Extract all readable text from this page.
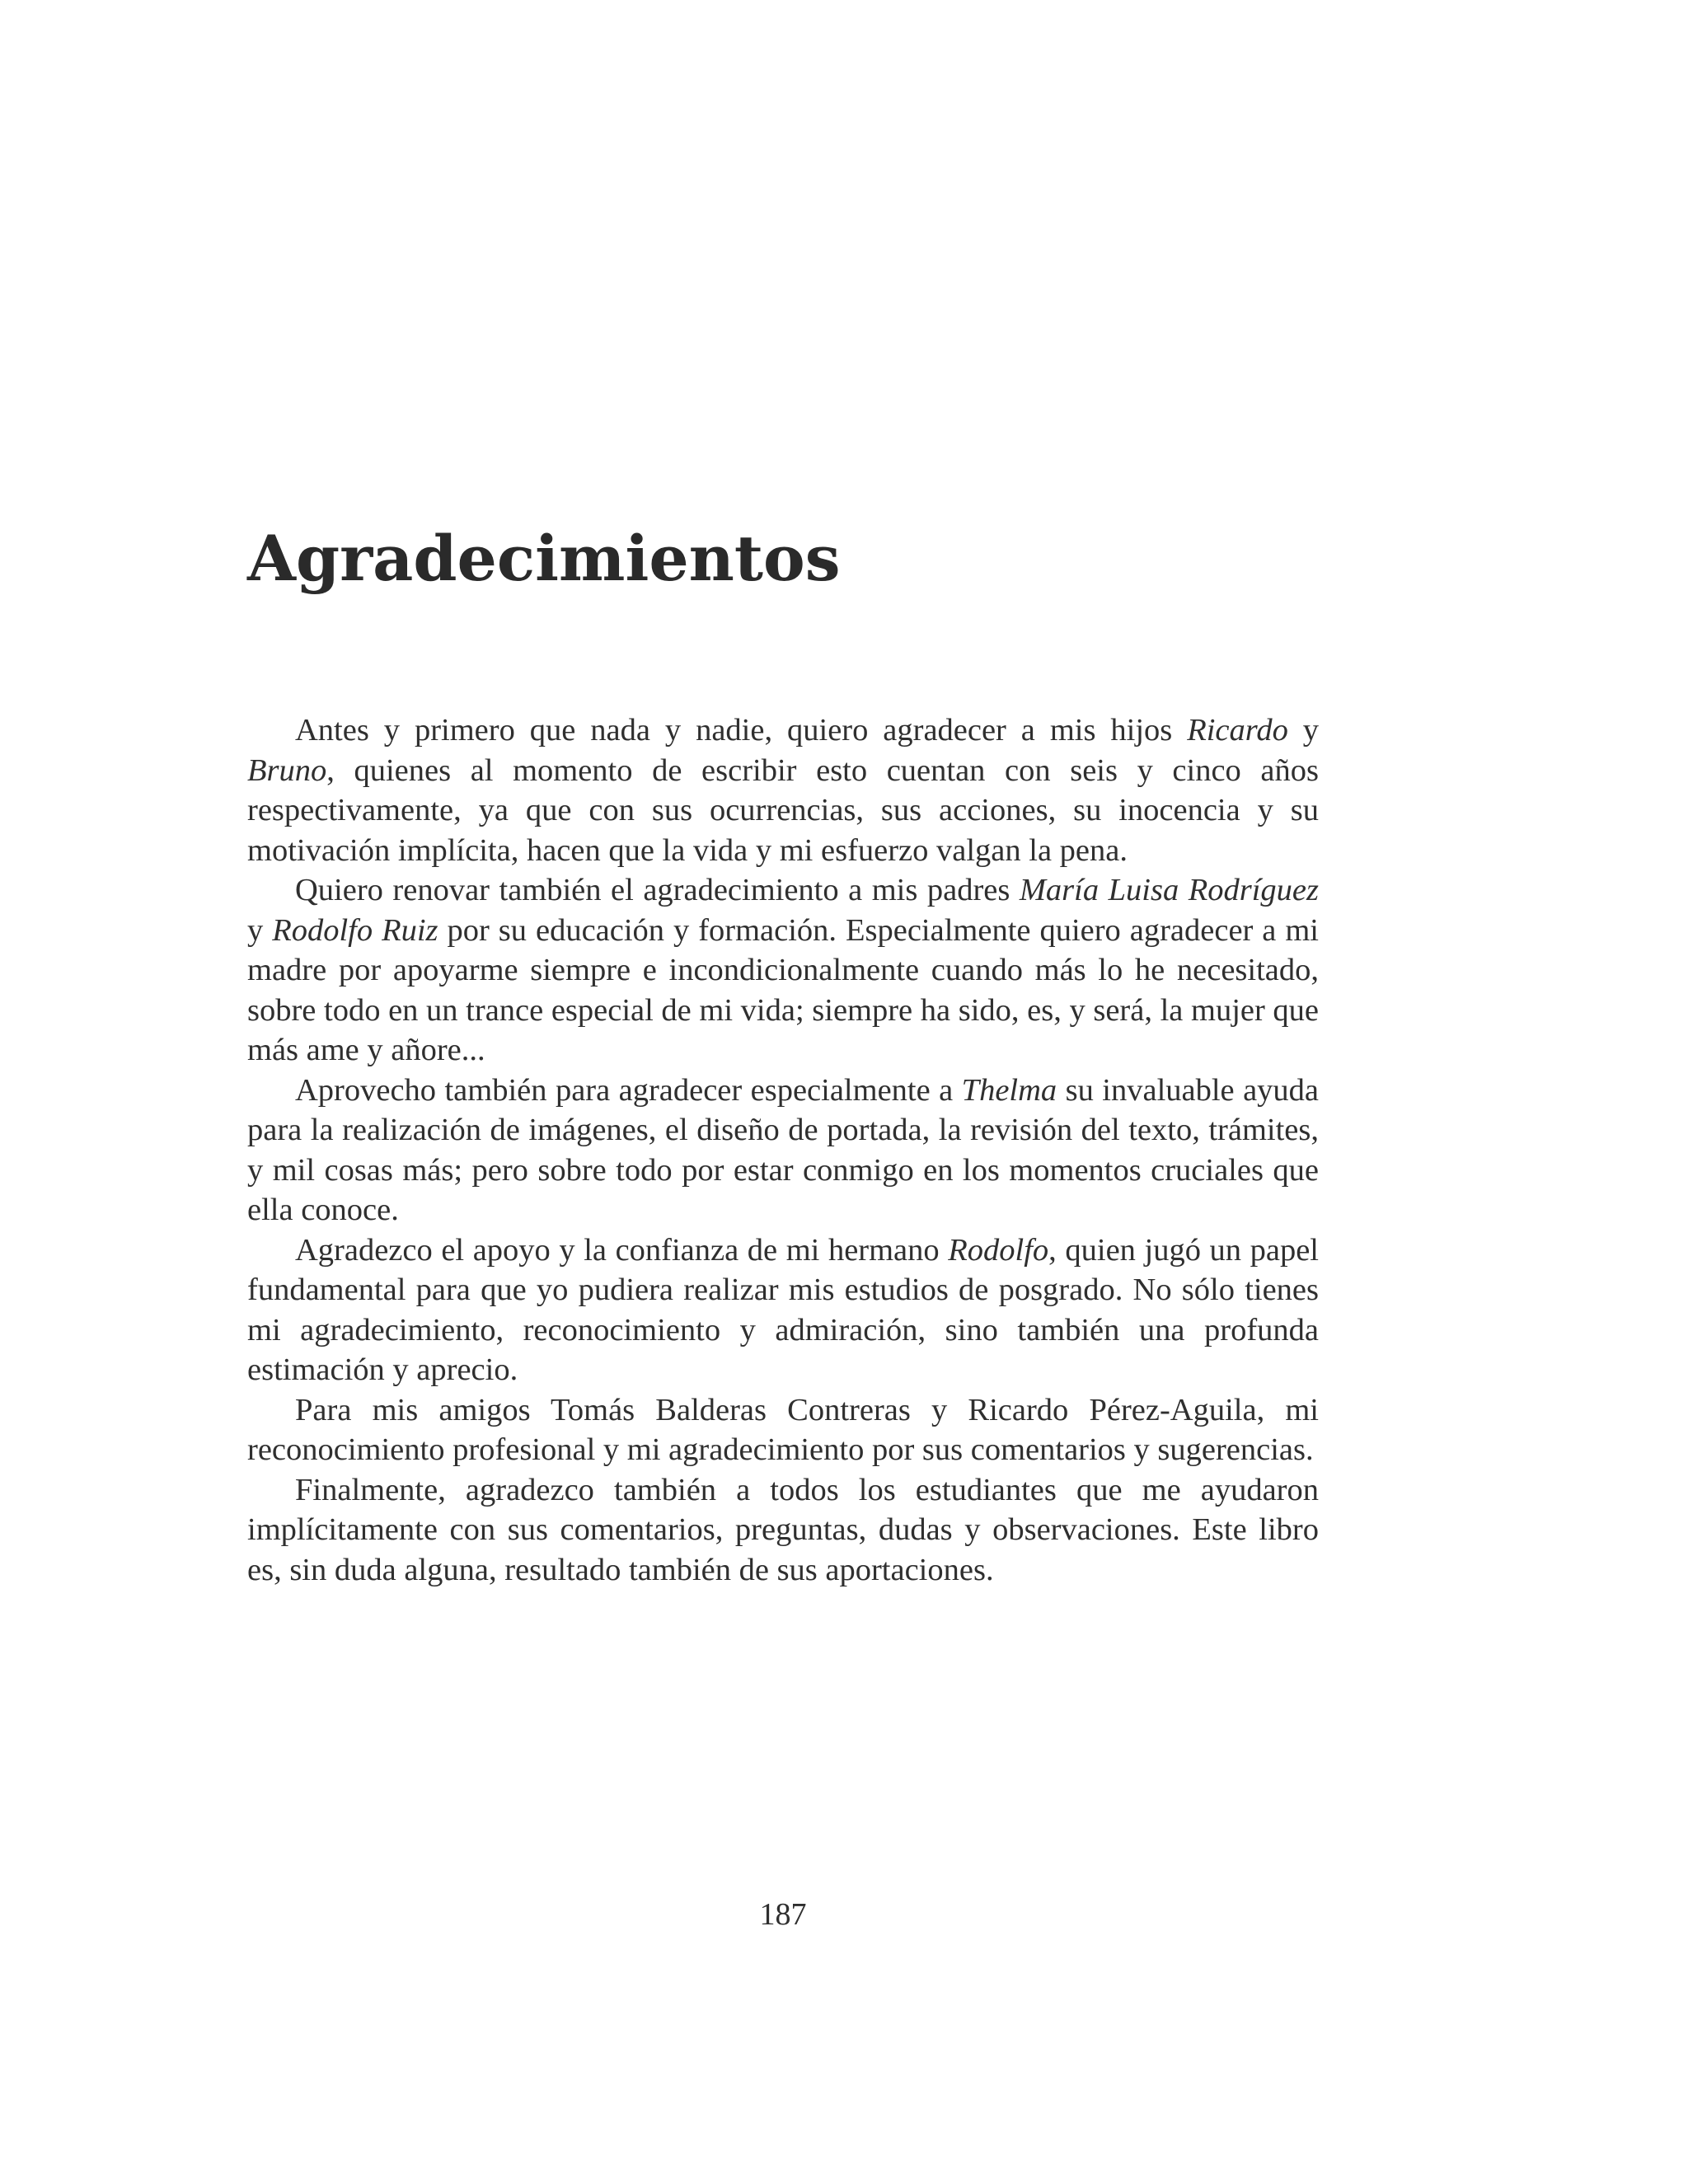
Agradecimientos

Antes y primero que nada y nadie, quiero agradecer a mis hijos Ricardo y Bruno, quienes al momento de escribir esto cuentan con seis y cinco años respectivamente, ya que con sus ocurrencias, sus acciones, su inocencia y su motivación implícita, hacen que la vida y mi esfuerzo valgan la pena.

Quiero renovar también el agradecimiento a mis padres María Luisa Rodríguez y Rodolfo Ruiz por su educación y formación. Especialmente quiero agradecer a mi madre por apoyarme siempre e incondicionalmente cuando más lo he necesitado, sobre todo en un trance especial de mi vida; siempre ha sido, es, y será, la mujer que más ame y añore...

Aprovecho también para agradecer especialmente a Thelma su invaluable ayuda para la realización de imágenes, el diseño de portada, la revisión del texto, trámites, y mil cosas más; pero sobre todo por estar conmigo en los momentos cruciales que ella conoce.

Agradezco el apoyo y la confianza de mi hermano Rodolfo, quien jugó un papel fundamental para que yo pudiera realizar mis estudios de posgrado. No sólo tienes mi agradecimiento, reconocimiento y admiración, sino también una profunda estimación y aprecio.

Para mis amigos Tomás Balderas Contreras y Ricardo Pérez-Aguila, mi reconocimiento profesional y mi agradecimiento por sus comentarios y sugerencias.

Finalmente, agradezco también a todos los estudiantes que me ayudaron implícitamente con sus comentarios, preguntas, dudas y observaciones. Este libro es, sin duda alguna, resultado también de sus aportaciones.

187
